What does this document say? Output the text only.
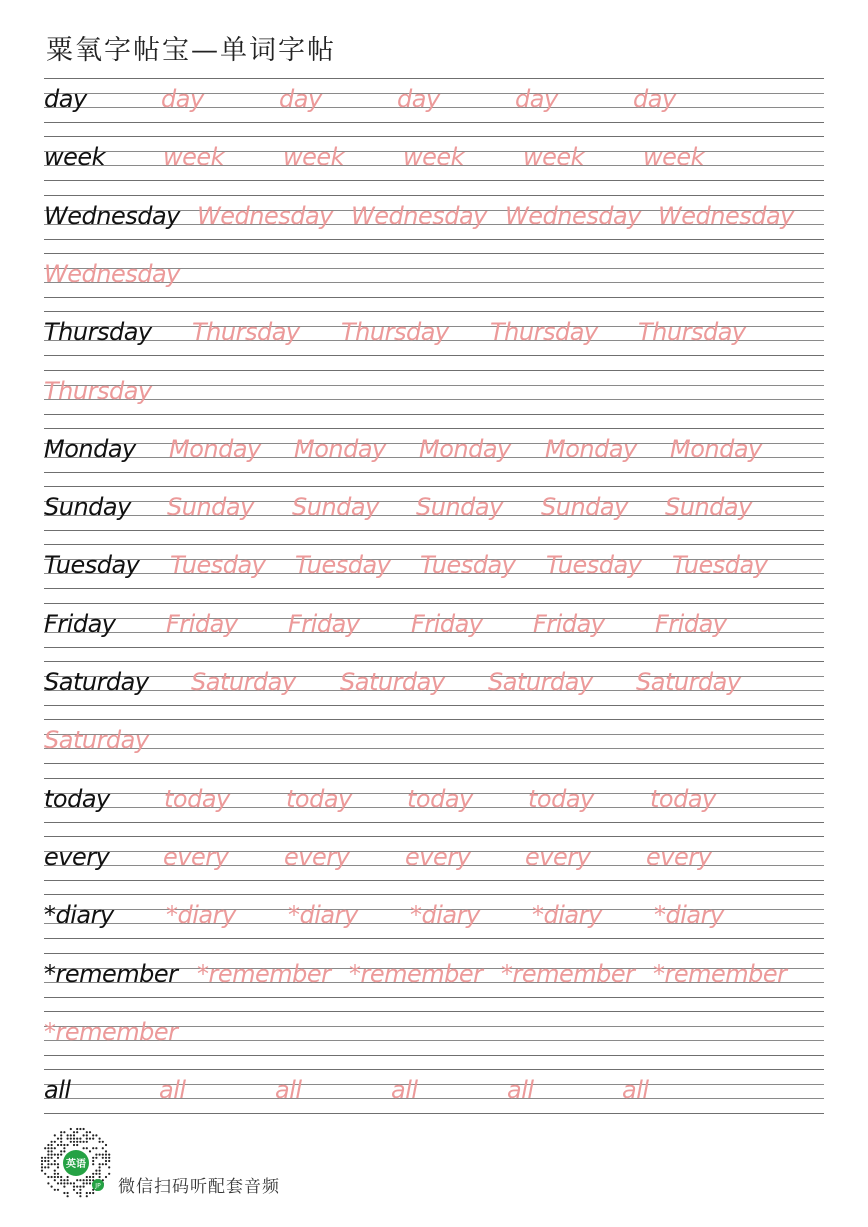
粟氧字帖宝—单词字帖
day	day	day	day	day	day
week week week week week week
Wednesday Wednesday Wednesday Wednesday Wednesday
Wednesday
Thursday Thursday Thursday Thursday Thursday
Thursday
Monday Monday Monday Monday Monday Monday
Sunday Sunday Sunday Sunday Sunday Sunday
Tuesday Tuesday Tuesday Tuesday Tuesday Tuesday
Friday Friday Friday Friday Friday Friday
Saturday Saturday Saturday Saturday Saturday
Saturday
today today today today today today
every every every every every every
*diary *diary *diary *diary *diary *diary
*remember *remember *remember *remember *remember
*remember
all	all	all	all	all	all
英语
JP 微信扫码听配套音频
